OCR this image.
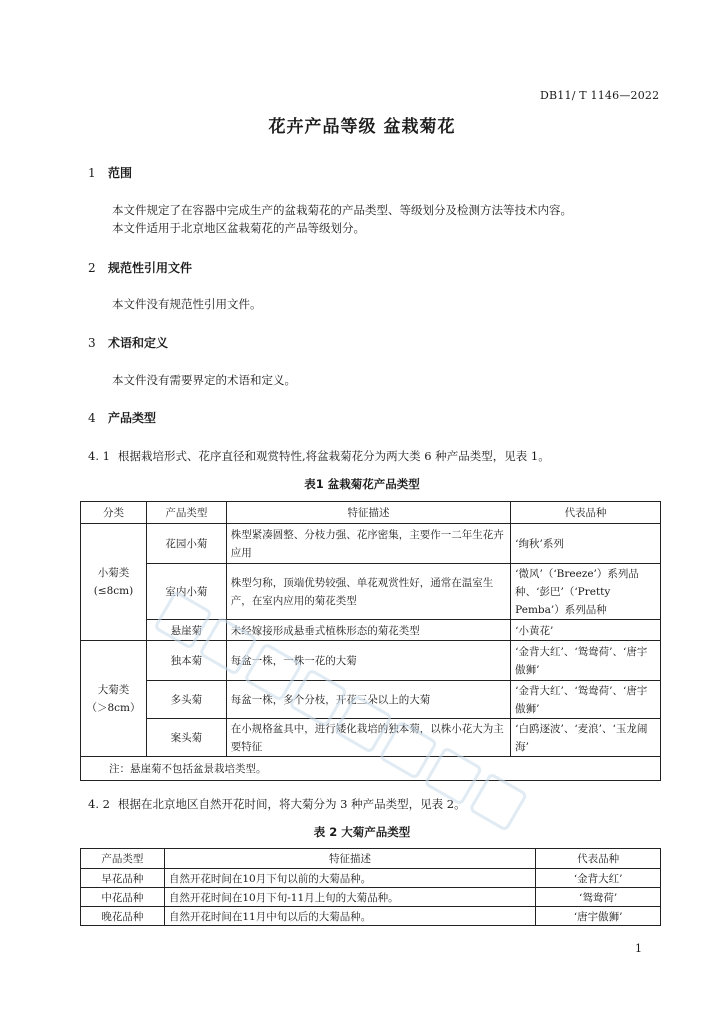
DB11/ T 1146—2022
花卉产品等级 盆栽菊花
1 范围
本文件规定了在容器中完成生产的盆栽菊花的产品类型、等级划分及检测方法等技术内容。
本文件适用于北京地区盆栽菊花的产品等级划分。
2 规范性引用文件
本文件没有规范性引用文件。
3 术语和定义
本文件没有需要界定的术语和定义。
4 产品类型
4. 1 根据栽培形式、花序直径和观赏特性,将盆栽菊花分为两大类 6 种产品类型，见表 1。
表1 盆栽菊花产品类型
分类	产品类型	特征描述	代表品种
小菊类
(≤8cm)	花园小菊	株型紧凑圆整、分枝力强、花序密集，主要作一二年生花卉应用	‘绚秋’系列
	室内小菊	株型匀称，顶端优势较强、单花观赏性好，通常在温室生产，在室内应用的菊花类型	‘微风’（‘Breeze’）系列品种、‘彭巴’（‘Pretty Pemba’）系列品种
	悬崖菊	未经嫁接形成悬垂式植株形态的菊花类型	‘小黄花’
大菊类
（＞8cm）	独本菊	每盆一株，一株一花的大菊	‘金背大红’、‘鸳鸯荷’、‘唐宇傲狮’
	多头菊	每盆一株，多个分枝，开花三朵以上的大菊	‘金背大红’、‘鸳鸯荷’、‘唐宇傲狮’
	案头菊	在小规格盆具中，进行矮化栽培的独本菊，以株小花大为主要特征	‘白鸥逐波’、‘麦浪’、‘玉龙闹海’
注：悬崖菊不包括盆景栽培类型。			
4. 2 根据在北京地区自然开花时间，将大菊分为 3 种产品类型，见表 2。
表 2 大菊产品类型
产品类型	特征描述	代表品种
早花品种	自然开花时间在10月下旬以前的大菊品种。	‘金背大红’
中花品种	自然开花时间在10月下旬-11月上旬的大菊品种。	‘鸳鸯荷’
晚花品种	自然开花时间在11月中旬以后的大菊品种。	‘唐宇傲狮’
1
